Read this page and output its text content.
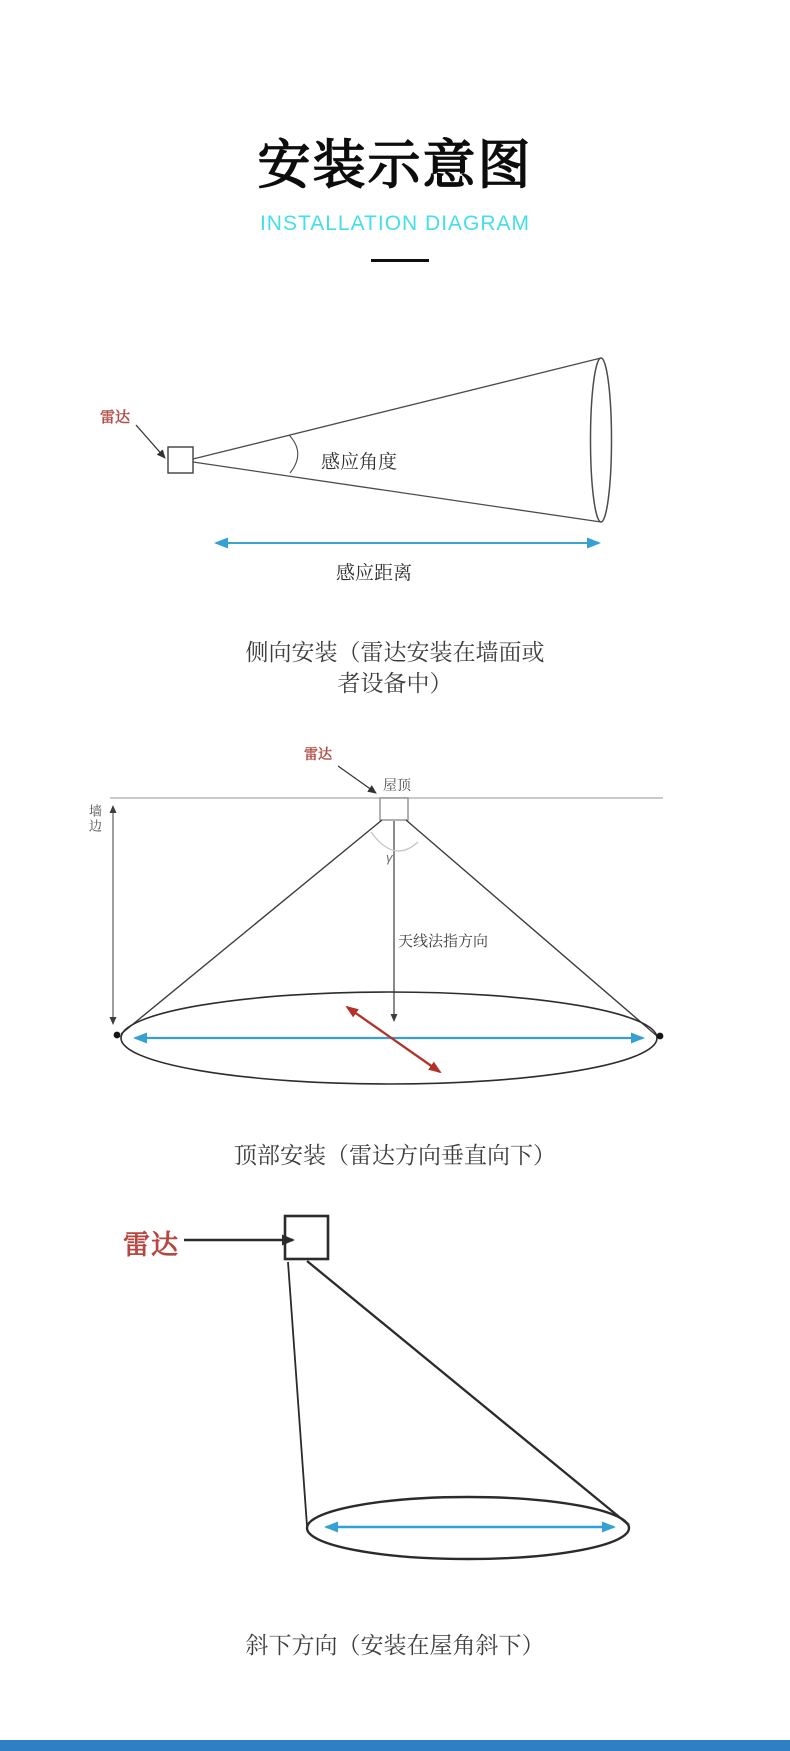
安装示意图
INSTALLATION DIAGRAM
雷达
感应角度
感应距离
侧向安装（雷达安装在墙面或
者设备中）
雷达
屋顶
墙边
γ
天线法指方向
顶部安装（雷达方向垂直向下）
雷达
斜下方向（安装在屋角斜下）
